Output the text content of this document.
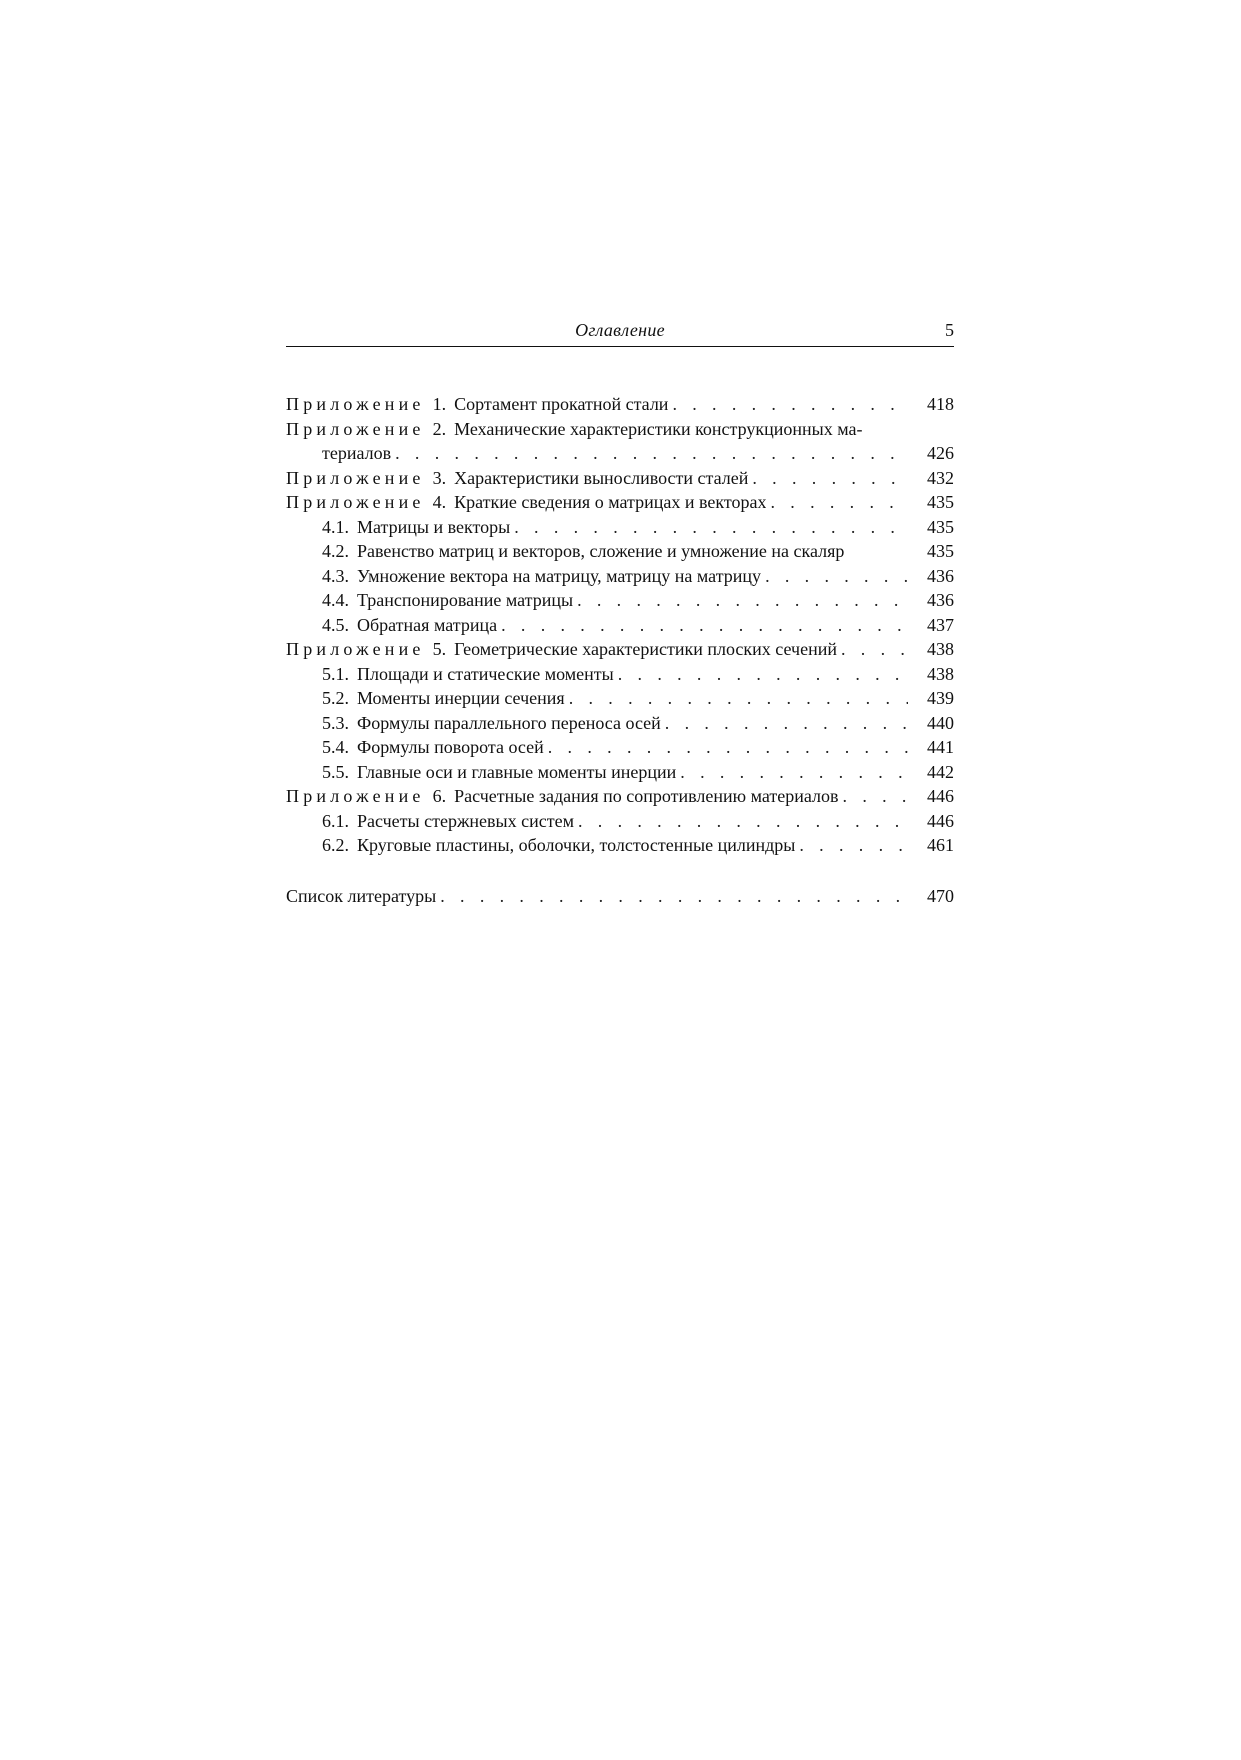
Оглавление	5
Приложение 1. Сортамент прокатной стали . . .	418
Приложение 2. Механические характеристики конструкционных ма-
териалов . . .	426
Приложение 3. Характеристики выносливости сталей . . .	432
Приложение 4. Краткие сведения о матрицах и векторах . . .	435
4.1. Матрицы и векторы . . .	435
4.2. Равенство матриц и векторов, сложение и умножение на скаляр	435
4.3. Умножение вектора на матрицу, матрицу на матрицу . . .	436
4.4. Транспонирование матрицы . . .	436
4.5. Обратная матрица . . .	437
Приложение 5. Геометрические характеристики плоских сечений . . .	438
5.1. Площади и статические моменты . . .	438
5.2. Моменты инерции сечения . . .	439
5.3. Формулы параллельного переноса осей . . .	440
5.4. Формулы поворота осей . . .	441
5.5. Главные оси и главные моменты инерции . . .	442
Приложение 6. Расчетные задания по сопротивлению материалов . . .	446
6.1. Расчеты стержневых систем . . .	446
6.2. Круговые пластины, оболочки, толстостенные цилиндры . . .	461
Список литературы . . .	470
